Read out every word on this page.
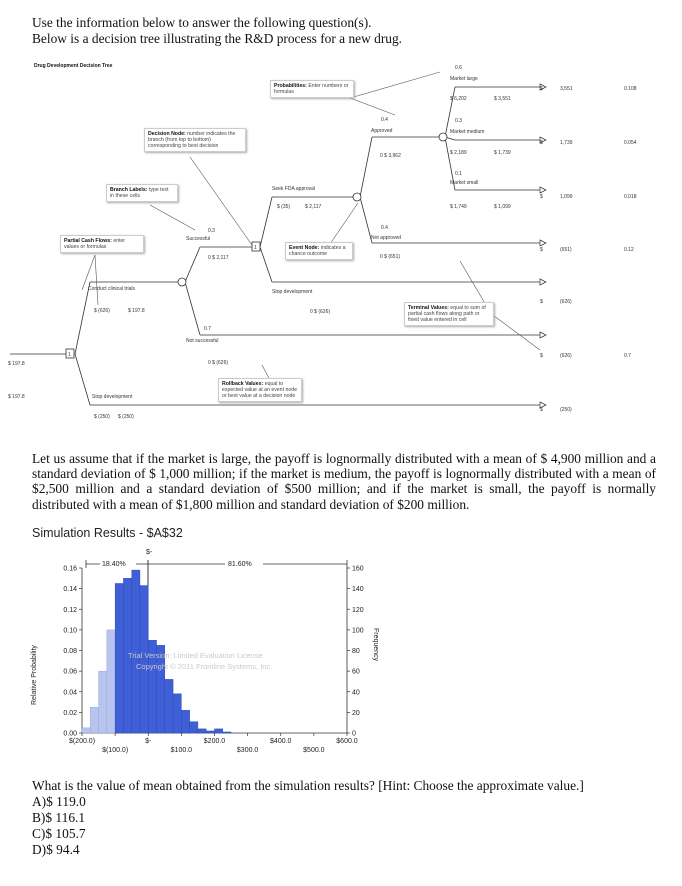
Use the information below to answer the following question(s).
Below is a decision tree illustrating the R&D process for a new drug.
Drug Development Decision Tree
1
1
0.6
Market large
$ 6,202	$ 3,551
0.3
Market medium
$ 2,189	$ 1,739
0.1
Market small
$ 1,749	$ 1,099
0.4
Approved
0 $ 3,962
0.4
Not approved
0 $ (651)
Seek FDA approval
$ (35)	$ 2,117
Stop development
0 $ (626)
0.3
Successful
0 $ 2,117
0.7
Not successful
0 $ (626)
Conduct clinical trials
$ (626)	$ 197.8
Stop development
$ (250) $ (250)
$ 197.8
$ 197.8
$	3,551	0.108
$	1,739	0.054
$	1,099	0.018
$	(651)	0.12
$	(626)
$	(626)	0.7
$	(250)
Probabilities: Enter numbers or formulas
Decision Node: number indicates the branch (from top to bottom) corresponding to best decision
Branch Labels: type text in these cells
Partial Cash Flows: enter values or formulas	Event Node: indicates a chance outcome
Terminal Values: equal to sum of partial cash flows along path or fixed value entered in cell
Rollback Values: equal to expected value at an event node or best value at a decision node
Let us assume that if the market is large, the payoff is lognormally distributed with a mean of $ 4,900 million and a standard deviation of $ 1,000 million; if the market is medium, the payoff is lognormally distributed with a mean of $2,500 million and a standard deviation of $500 million; and if the market is small, the payoff is normally distributed with a mean of $1,800 million and standard deviation of $200 million.
Simulation Results - $A$32
18.40%	81.60%
$-
0.00
0.02
0.04
0.06
0.08
0.10
0.12
0.14
0.16
0
20
40
60
80
100
120
140
160
$(200.0)	$-	$200.0	$400.0	$600.0
$(100.0)	$100.0	$300.0	$500.0
Relative Probability
Frequency
Trial Version: Limited Evaluation License
Copyright © 2011 Frontline Systems, Inc.
What is the value of mean obtained from the simulation results? [Hint: Choose the approximate value.]
A)$ 119.0
B)$ 116.1
C)$ 105.7
D)$ 94.4
